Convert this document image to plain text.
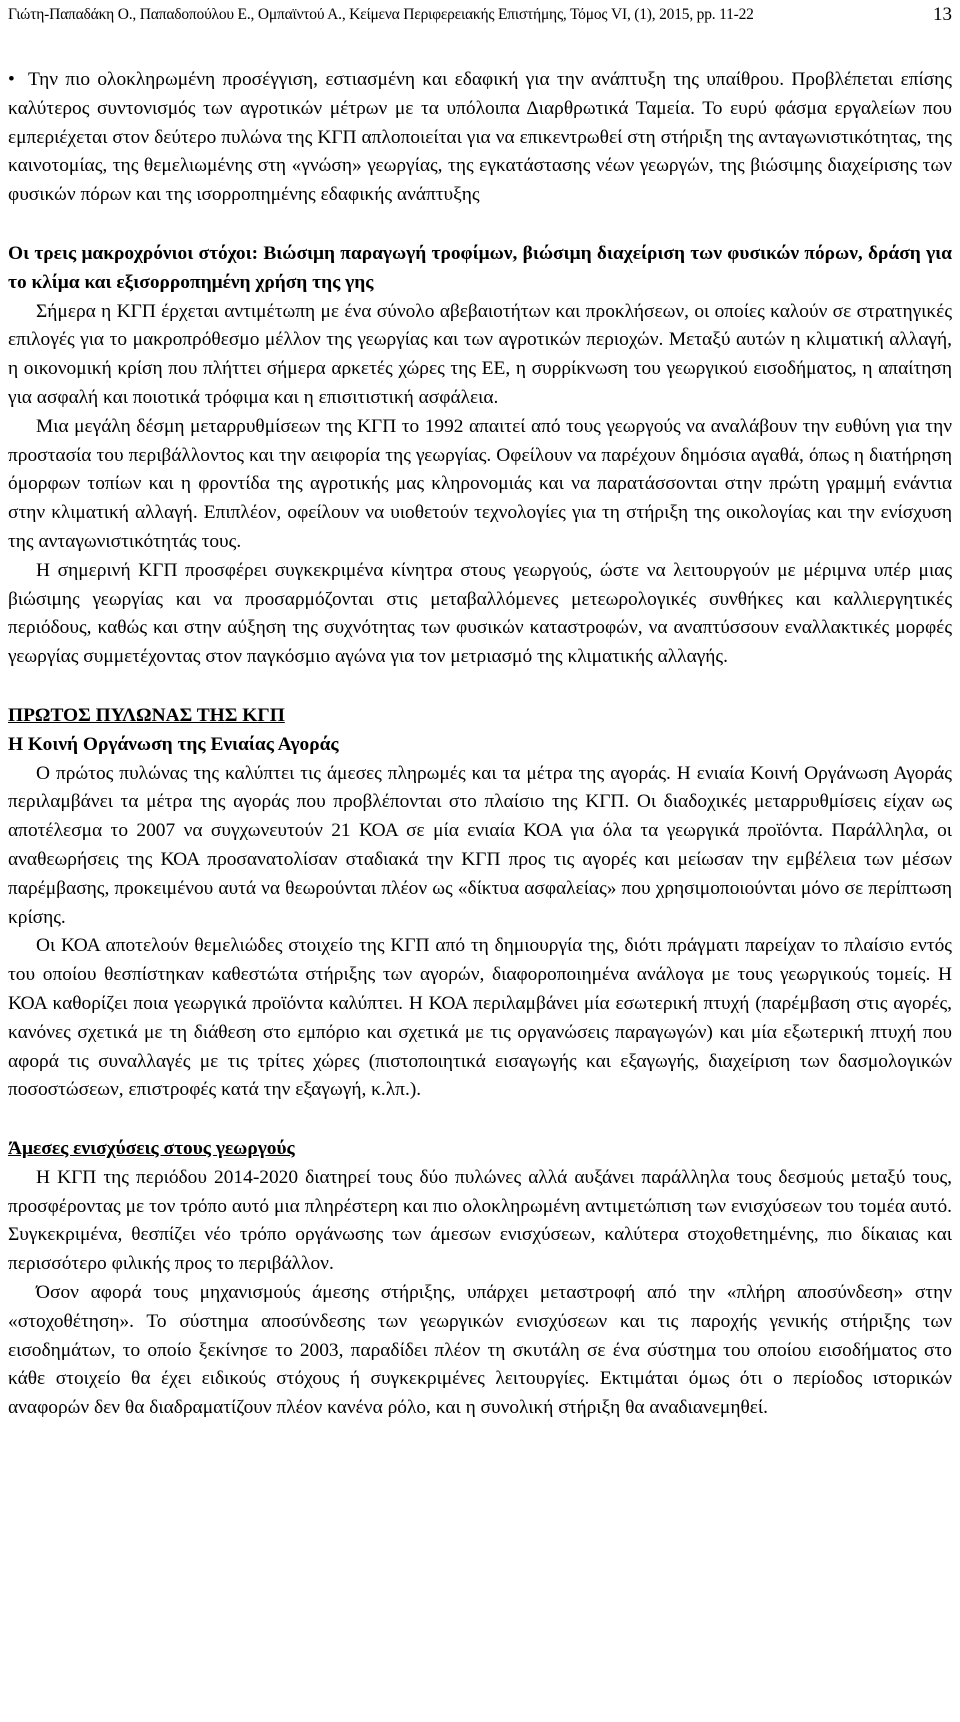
Γιώτη-Παπαδάκη Ο., Παπαδοπούλου Ε., Ομπαϊντού Α., Κείμενα Περιφερειακής Επιστήμης, Τόμος VI, (1), 2015, pp. 11-22	13

• Την πιο ολοκληρωμένη προσέγγιση, εστιασμένη και εδαφική για την ανάπτυξη της υπαίθρου. Προβλέπεται επίσης καλύτερος συντονισμός των αγροτικών μέτρων με τα υπόλοιπα Διαρθρωτικά Ταμεία. Το ευρύ φάσμα εργαλείων που εμπεριέχεται στον δεύτερο πυλώνα της ΚΓΠ απλοποιείται για να επικεντρωθεί στη στήριξη της ανταγωνιστικότητας, της καινοτομίας, της θεμελιωμένης στη «γνώση» γεωργίας, της εγκατάστασης νέων γεωργών, της βιώσιμης διαχείρισης των φυσικών πόρων και της ισορροπημένης εδαφικής ανάπτυξης

Οι τρεις μακροχρόνιοι στόχοι: Βιώσιμη παραγωγή τροφίμων, βιώσιμη διαχείριση των φυσικών πόρων, δράση για το κλίμα και εξισορροπημένη χρήση της γης

Σήμερα η ΚΓΠ έρχεται αντιμέτωπη με ένα σύνολο αβεβαιοτήτων και προκλήσεων, οι οποίες καλούν σε στρατηγικές επιλογές για το μακροπρόθεσμο μέλλον της γεωργίας και των αγροτικών περιοχών. Μεταξύ αυτών η κλιματική αλλαγή, η οικονομική κρίση που πλήττει σήμερα αρκετές χώρες της ΕΕ, η συρρίκνωση του γεωργικού εισοδήματος, η απαίτηση για ασφαλή και ποιοτικά τρόφιμα και η επισιτιστική ασφάλεια.

Μια μεγάλη δέσμη μεταρρυθμίσεων της ΚΓΠ το 1992 απαιτεί από τους γεωργούς να αναλάβουν την ευθύνη για την προστασία του περιβάλλοντος και την αειφορία της γεωργίας. Οφείλουν να παρέχουν δημόσια αγαθά, όπως η διατήρηση όμορφων τοπίων και η φροντίδα της αγροτικής μας κληρονομιάς και να παρατάσσονται στην πρώτη γραμμή ενάντια στην κλιματική αλλαγή. Επιπλέον, οφείλουν να υιοθετούν τεχνολογίες για τη στήριξη της οικολογίας και την ενίσχυση της ανταγωνιστικότητάς τους.

Η σημερινή ΚΓΠ προσφέρει συγκεκριμένα κίνητρα στους γεωργούς, ώστε να λειτουργούν με μέριμνα υπέρ μιας βιώσιμης γεωργίας και να προσαρμόζονται στις μεταβαλλόμενες μετεωρολογικές συνθήκες και καλλιεργητικές περιόδους, καθώς και στην αύξηση της συχνότητας των φυσικών καταστροφών, να αναπτύσσουν εναλλακτικές μορφές γεωργίας συμμετέχοντας στον παγκόσμιο αγώνα για τον μετριασμό της κλιματικής αλλαγής.

ΠΡΩΤΟΣ ΠΥΛΩΝΑΣ ΤΗΣ ΚΓΠ

Η Κοινή Οργάνωση της Ενιαίας Αγοράς

Ο πρώτος πυλώνας της καλύπτει τις άμεσες πληρωμές και τα μέτρα της αγοράς. Η ενιαία Κοινή Οργάνωση Αγοράς περιλαμβάνει τα μέτρα της αγοράς που προβλέπονται στο πλαίσιο της ΚΓΠ. Οι διαδοχικές μεταρρυθμίσεις είχαν ως αποτέλεσμα το 2007 να συγχωνευτούν 21 ΚΟΑ σε μία ενιαία ΚΟΑ για όλα τα γεωργικά προϊόντα. Παράλληλα, οι αναθεωρήσεις της ΚΟΑ προσανατολίσαν σταδιακά την ΚΓΠ προς τις αγορές και μείωσαν την εμβέλεια των μέσων παρέμβασης, προκειμένου αυτά να θεωρούνται πλέον ως «δίκτυα ασφαλείας» που χρησιμοποιούνται μόνο σε περίπτωση κρίσης.

Οι ΚΟΑ αποτελούν θεμελιώδες στοιχείο της ΚΓΠ από τη δημιουργία της, διότι πράγματι παρείχαν το πλαίσιο εντός του οποίου θεσπίστηκαν καθεστώτα στήριξης των αγορών, διαφοροποιημένα ανάλογα με τους γεωργικούς τομείς. Η ΚΟΑ καθορίζει ποια γεωργικά προϊόντα καλύπτει. Η ΚΟΑ περιλαμβάνει μία εσωτερική πτυχή (παρέμβαση στις αγορές, κανόνες σχετικά με τη διάθεση στο εμπόριο και σχετικά με τις οργανώσεις παραγωγών) και μία εξωτερική πτυχή που αφορά τις συναλλαγές με τις τρίτες χώρες (πιστοποιητικά εισαγωγής και εξαγωγής, διαχείριση των δασμολογικών ποσοστώσεων, επιστροφές κατά την εξαγωγή, κ.λπ.).

Άμεσες ενισχύσεις στους γεωργούς

Η ΚΓΠ της περιόδου 2014-2020 διατηρεί τους δύο πυλώνες αλλά αυξάνει παράλληλα τους δεσμούς μεταξύ τους, προσφέροντας με τον τρόπο αυτό μια πληρέστερη και πιο ολοκληρωμένη αντιμετώπιση των ενισχύσεων του τομέα αυτό. Συγκεκριμένα, θεσπίζει νέο τρόπο οργάνωσης των άμεσων ενισχύσεων, καλύτερα στοχοθετημένης, πιο δίκαιας και περισσότερο φιλικής προς το περιβάλλον.

Όσον αφορά τους μηχανισμούς άμεσης στήριξης, υπάρχει μεταστροφή από την «πλήρη αποσύνδεση» στην «στοχοθέτηση». Το σύστημα αποσύνδεσης των γεωργικών ενισχύσεων και τις παροχής γενικής στήριξης των εισοδημάτων, το οποίο ξεκίνησε το 2003, παραδίδει πλέον τη σκυτάλη σε ένα σύστημα του οποίου εισοδήματος στο κάθε στοιχείο θα έχει ειδικούς στόχους ή συγκεκριμένες λειτουργίες. Εκτιμάται όμως ότι ο περίοδος ιστορικών αναφορών δεν θα διαδραματίζουν πλέον κανένα ρόλο, και η συνολική στήριξη θα αναδιανεμηθεί.
